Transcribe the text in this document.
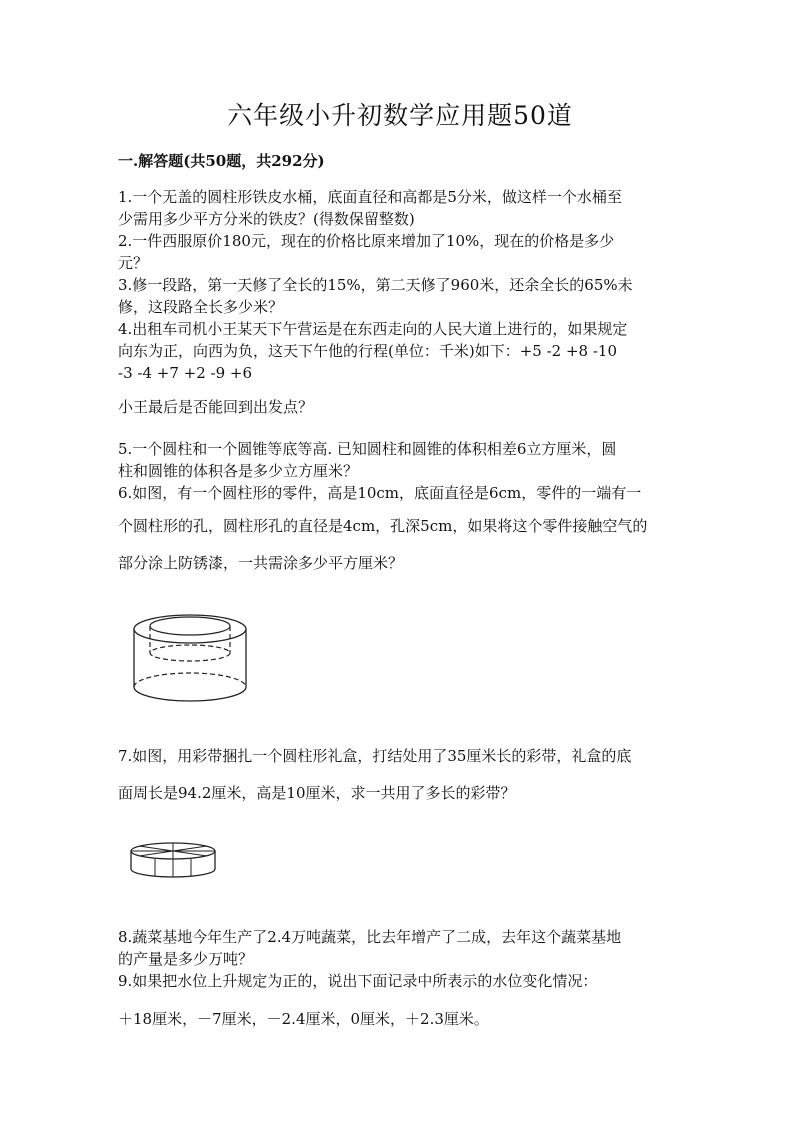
六年级小升初数学应用题50道
一.解答题(共50题，共292分)
1.一个无盖的圆柱形铁皮水桶，底面直径和高都是5分米，做这样一个水桶至
少需用多少平方分米的铁皮？(得数保留整数)
2.一件西服原价180元，现在的价格比原来增加了10%，现在的价格是多少
元？
3.修一段路，第一天修了全长的15%，第二天修了960米，还余全长的65%未
修，这段路全长多少米？
4.出租车司机小王某天下午营运是在东西走向的人民大道上进行的，如果规定
向东为正，向西为负，这天下午他的行程(单位：千米)如下：+5 -2 +8 -10
-3 -4 +7 +2 -9 +6
小王最后是否能回到出发点？
5.一个圆柱和一个圆锥等底等高. 已知圆柱和圆锥的体积相差6立方厘米，圆
柱和圆锥的体积各是多少立方厘米？
6.如图，有一个圆柱形的零件，高是10cm，底面直径是6cm，零件的一端有一
个圆柱形的孔，圆柱形孔的直径是4cm，孔深5cm，如果将这个零件接触空气的
部分涂上防锈漆，一共需涂多少平方厘米？
7.如图，用彩带捆扎一个圆柱形礼盒，打结处用了35厘米长的彩带，礼盒的底
面周长是94.2厘米，高是10厘米，求一共用了多长的彩带？
8.蔬菜基地今年生产了2.4万吨蔬菜，比去年增产了二成，去年这个蔬菜基地
的产量是多少万吨？
9.如果把水位上升规定为正的，说出下面记录中所表示的水位变化情况：
＋18厘米，－7厘米，－2.4厘米，0厘米，＋2.3厘米。
